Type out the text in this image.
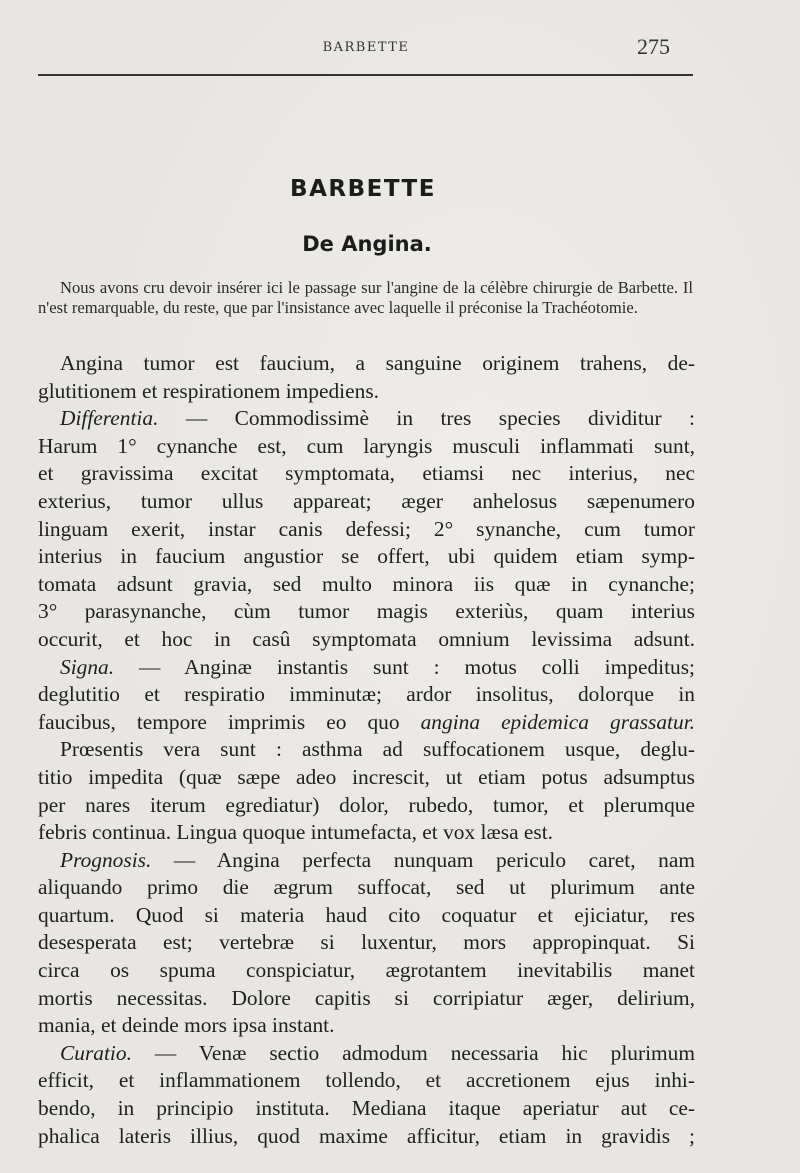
BARBETTE	275
BARBETTE
De Angina.
Nous avons cru devoir insérer ici le passage sur l'angine de la célèbre chirurgie de Barbette. Il n'est remarquable, du reste, que par l'insistance avec laquelle il préconise la Trachéotomie.
Angina tumor est faucium, a sanguine originem trahens, de-
glutitionem et respirationem impediens.
Differentia. — Commodissimè in tres species dividitur :
Harum 1° cynanche est, cum laryngis musculi inflammati sunt,
et gravissima excitat symptomata, etiamsi nec interius, nec
exterius, tumor ullus appareat; æger anhelosus sæpenumero
linguam exerit, instar canis defessi; 2° synanche, cum tumor
interius in faucium angustior se offert, ubi quidem etiam symp-
tomata adsunt gravia, sed multo minora iis quæ in cynanche;
3° parasynanche, cùm tumor magis exteriùs, quam interius
occurit, et hoc in casû symptomata omnium levissima adsunt.
Signa. — Anginæ instantis sunt : motus colli impeditus;
deglutitio et respiratio imminutæ; ardor insolitus, dolorque in
faucibus, tempore imprimis eo quo angina epidemica grassatur.
Prœsentis vera sunt : asthma ad suffocationem usque, deglu-
titio impedita (quæ sæpe adeo increscit, ut etiam potus adsumptus
per nares iterum egrediatur) dolor, rubedo, tumor, et plerumque
febris continua. Lingua quoque intumefacta, et vox læsa est.
Prognosis. — Angina perfecta nunquam periculo caret, nam
aliquando primo die ægrum suffocat, sed ut plurimum ante
quartum. Quod si materia haud cito coquatur et ejiciatur, res
desesperata est; vertebræ si luxentur, mors appropinquat. Si
circa os spuma conspiciatur, ægrotantem inevitabilis manet
mortis necessitas. Dolore capitis si corripiatur æger, delirium,
mania, et deinde mors ipsa instant.
Curatio. — Venæ sectio admodum necessaria hic plurimum
efficit, et inflammationem tollendo, et accretionem ejus inhi-
bendo, in principio instituta. Mediana itaque aperiatur aut ce-
phalica lateris illius, quod maxime afficitur, etiam in gravidis ;
